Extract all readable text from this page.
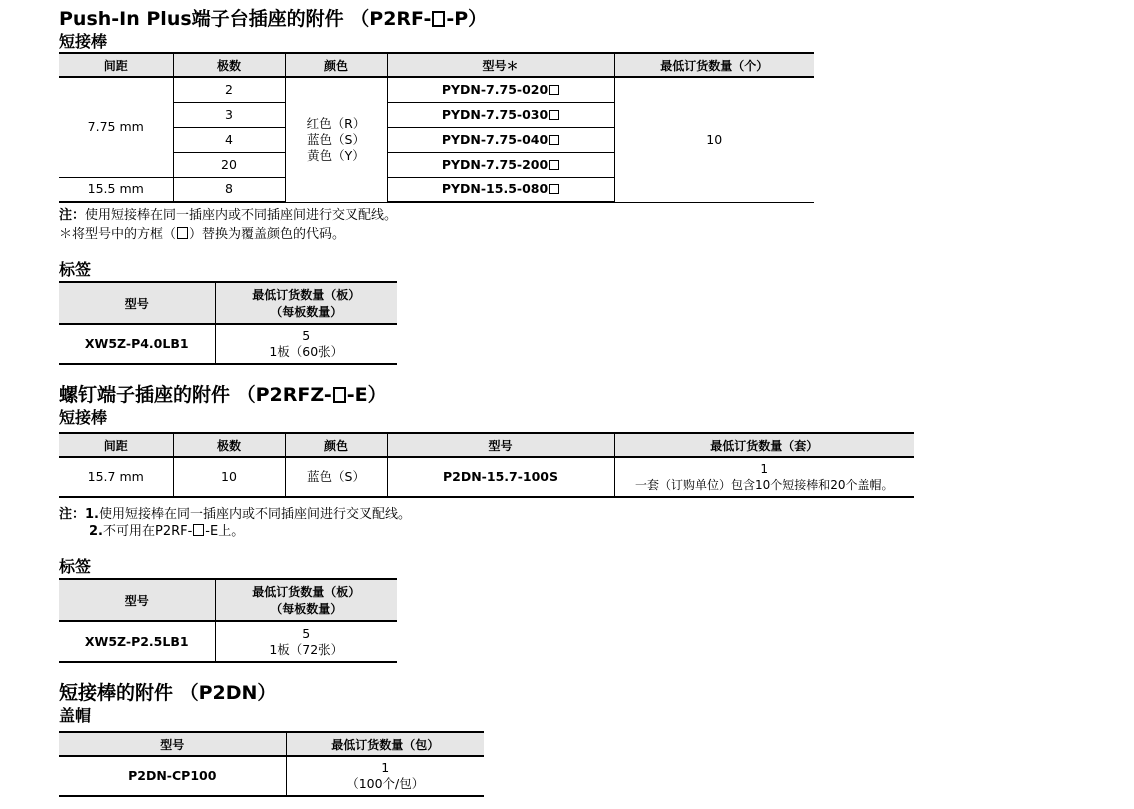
Push-In Plus端子台插座的附件 （P2RF- -P）
短接棒
间距	极数	颜色	型号＊	最低订货数量（个）
7.75 mm	2	红色（R）
蓝色（S）
黄色（Y）	PYDN-7.75-020	10
	3		PYDN-7.75-030	
	4		PYDN-7.75-040	
	20		PYDN-7.75-200	
15.5 mm	8		PYDN-15.5-080	
注：使用短接棒在同一插座内或不同插座间进行交叉配线。
＊将型号中的方框（ ）替换为覆盖颜色的代码。
标签
型号	最低订货数量（板）
（每板数量）

XW5Z-P4.0LB1	5
1板（60张）
螺钉端子插座的附件 （P2RFZ- -E）
短接棒
间距	极数	颜色	型号	最低订货数量（套）
15.7 mm	10	蓝色（S）	P2DN-15.7-100S	1
一套（订购单位）包含10个短接棒和20个盖帽。
注：1.使用短接棒在同一插座内或不同插座间进行交叉配线。
2.不可用在P2RF- -E上。
标签
型号	最低订货数量（板）
（每板数量）

XW5Z-P2.5LB1	5
1板（72张）
短接棒的附件 （P2DN）
盖帽
型号	最低订货数量（包）
P2DN-CP100	1
（100个/包）
